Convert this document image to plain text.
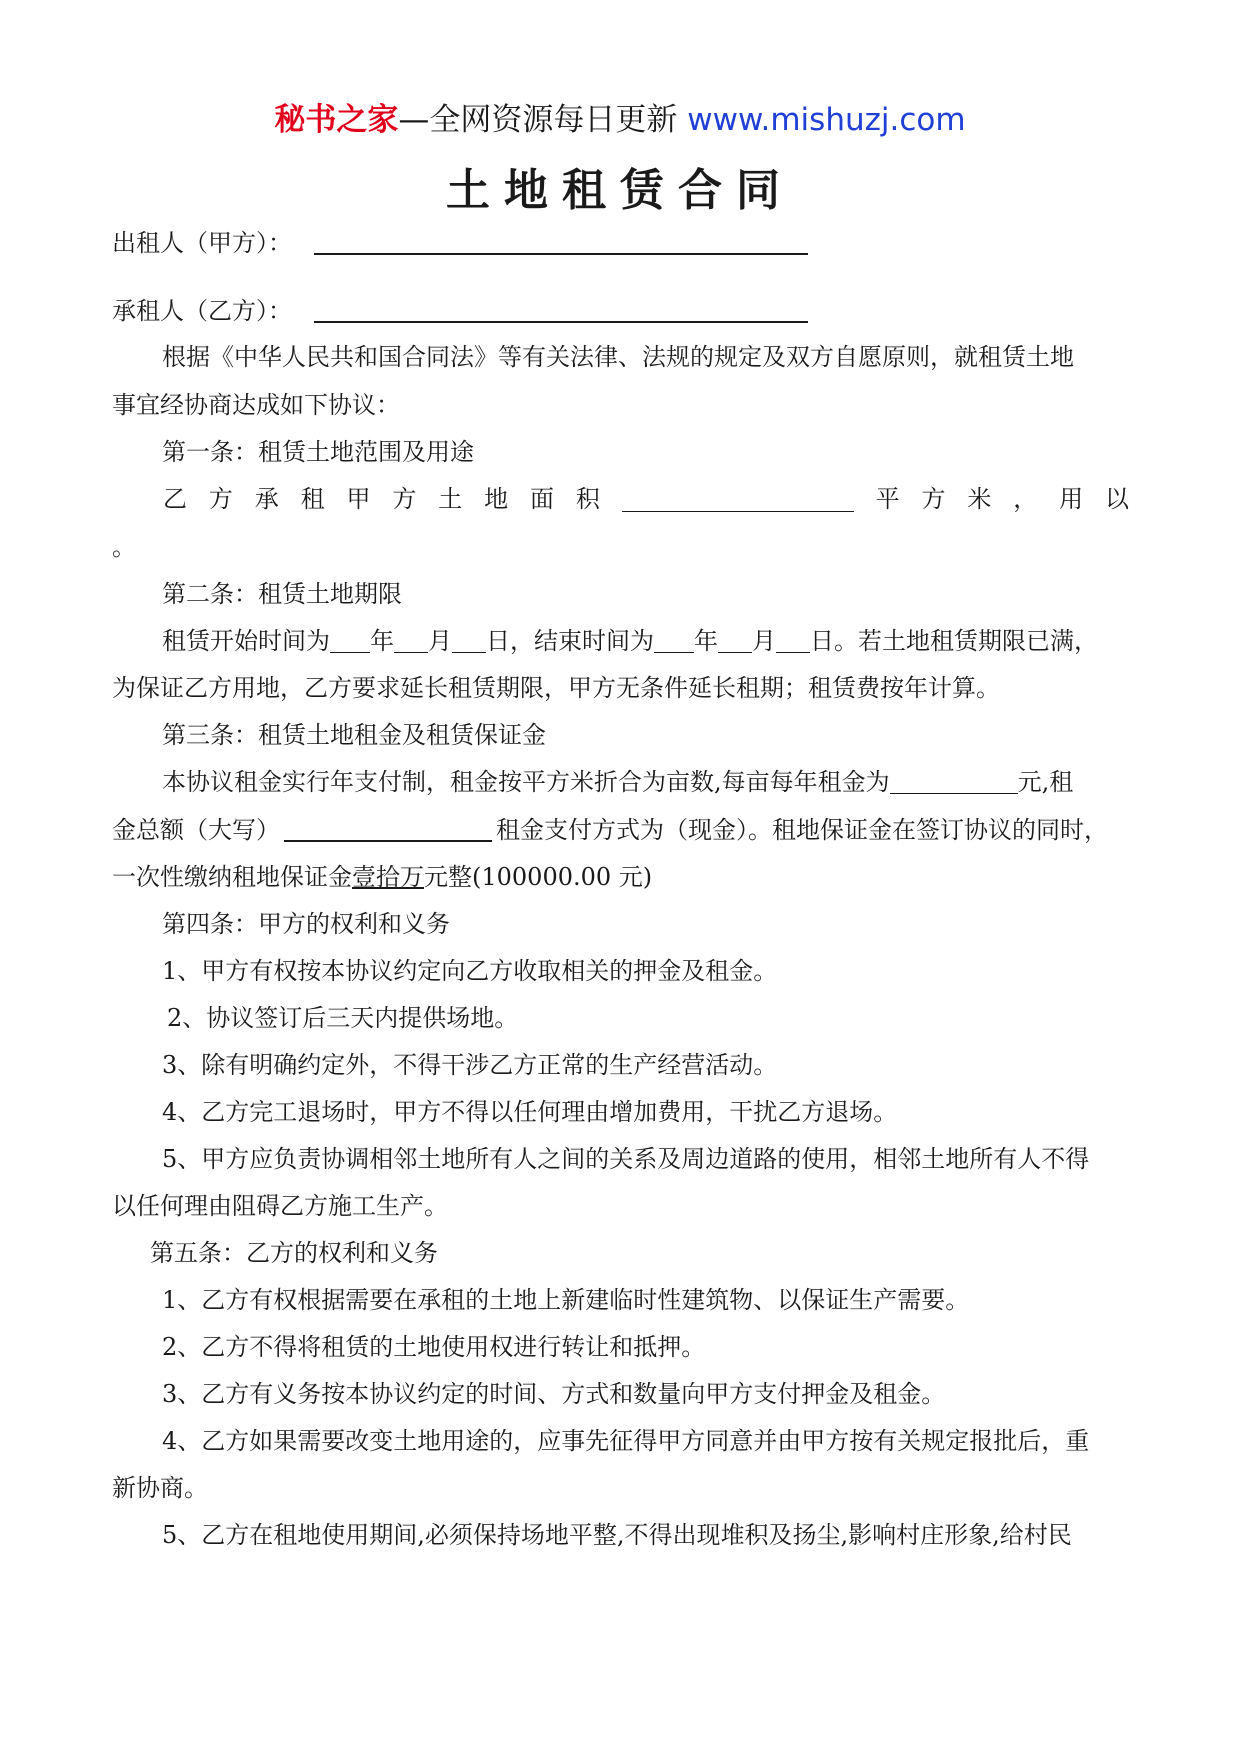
秘书之家—全网资源每日更新 www.mishuzj.com
土地租赁合同
出租人（甲方）：
承租人（乙方）：
根据《中华人民共和国合同法》等有关法律、法规的规定及双方自愿原则，就租赁土地
事宜经协商达成如下协议：
第一条：租赁土地范围及用途
乙 方 承 租 甲 方 土 地 面 积	平 方 米 ， 用 以
。
第二条：租赁土地期限
租赁开始时间为 年 月 日，结束时间为 年 月 日。若土地租赁期限已满，
为保证乙方用地，乙方要求延长租赁期限，甲方无条件延长租期；租赁费按年计算。
第三条：租赁土地租金及租赁保证金
本协议租金实行年支付制，租金按平方米折合为亩数,每亩每年租金为	元,租
金总额（大写）	租金支付方式为（现金）。租地保证金在签订协议的同时，
一次性缴纳租地保证金壹拾万元整(100000.00 元)
第四条：甲方的权利和义务
1、甲方有权按本协议约定向乙方收取相关的押金及租金。
2、协议签订后三天内提供场地。
3、除有明确约定外，不得干涉乙方正常的生产经营活动。
4、乙方完工退场时，甲方不得以任何理由增加费用，干扰乙方退场。
5、甲方应负责协调相邻土地所有人之间的关系及周边道路的使用，相邻土地所有人不得
以任何理由阻碍乙方施工生产。
第五条：乙方的权利和义务
1、乙方有权根据需要在承租的土地上新建临时性建筑物、以保证生产需要。
2、乙方不得将租赁的土地使用权进行转让和抵押。
3、乙方有义务按本协议约定的时间、方式和数量向甲方支付押金及租金。
4、乙方如果需要改变土地用途的，应事先征得甲方同意并由甲方按有关规定报批后，重
新协商。
5、乙方在租地使用期间,必须保持场地平整,不得出现堆积及扬尘,影响村庄形象,给村民
